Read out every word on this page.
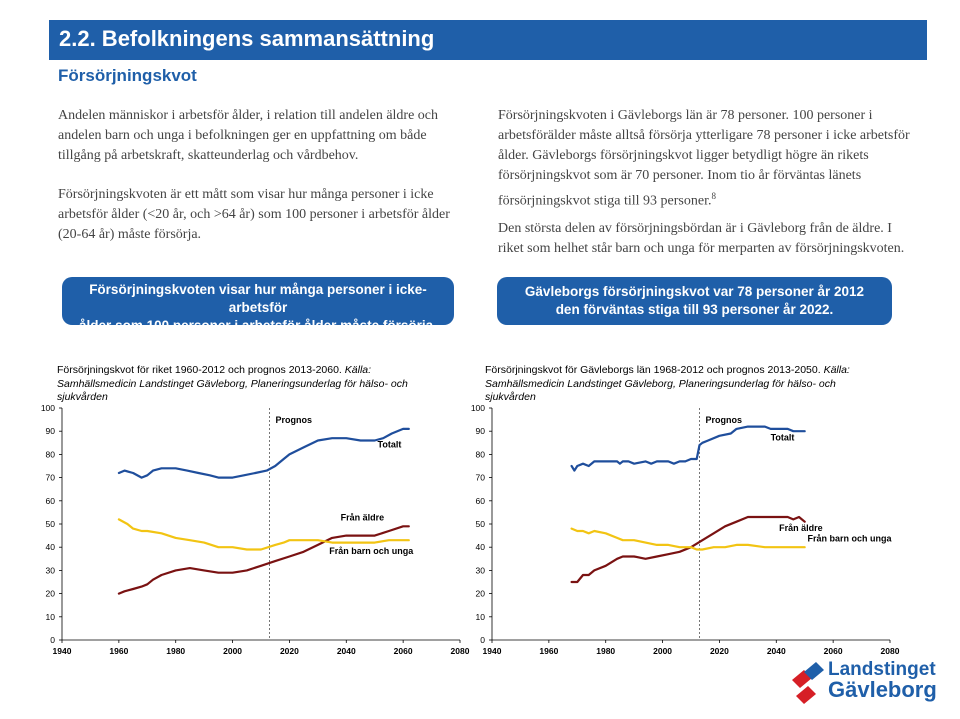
2.2. Befolkningens sammansättning
Försörjningskvot
Andelen människor i arbetsför ålder, i relation till andelen äldre och andelen barn och unga i befolkningen ger en uppfattning om både tillgång på arbetskraft, skatteunderlag och vårdbehov.
Försörjningskvoten är ett mått som visar hur många personer i icke arbetsför ålder (<20 år, och >64 år) som 100 personer i arbetsför ålder (20-64 år) måste försörja.
Försörjningskvoten i Gävleborgs län är 78 personer. 100 personer i arbetsförälder måste alltså försörja ytterligare 78 personer i icke arbetsför ålder. Gävleborgs försörjningskvot ligger betydligt högre än rikets försörjningskvot som är 70 personer. Inom tio år förväntas länets försörjningskvot stiga till 93 personer.$^8$
Den största delen av försörjningsbördan är i Gävleborg från de äldre. I riket som helhet står barn och unga för merparten av försörjningskvoten.
Försörjningskvoten visar hur många personer i icke-arbetsför
ålder som 100 personer i arbetsför ålder måste försörja.
Gävleborgs försörjningskvot var 78 personer år 2012
den förväntas stiga till 93 personer år 2022.
Försörjningskvot för riket 1960-2012 och prognos 2013-2060. Källa:
Samhällsmedicin Landstinget Gävleborg, Planeringsunderlag för hälso- och
sjukvården
Försörjningskvot för Gävleborgs län 1968-2012 och prognos 2013-2050. Källa:
Samhällsmedicin Landstinget Gävleborg, Planeringsunderlag för hälso- och
sjukvården
0
10
20
30
40
50
60
70
80
90
100
1940	1960	1980	2000	2020	2040	2060	2080
Prognos
Totalt
Från äldre
Från barn och unga
0
10
20
30
40
50
60
70
80
90
100
1940	1960	1980	2000	2020	2040	2060	2080
Prognos
Totalt
Från äldre
Från barn och unga
Landstinget
Gävleborg
